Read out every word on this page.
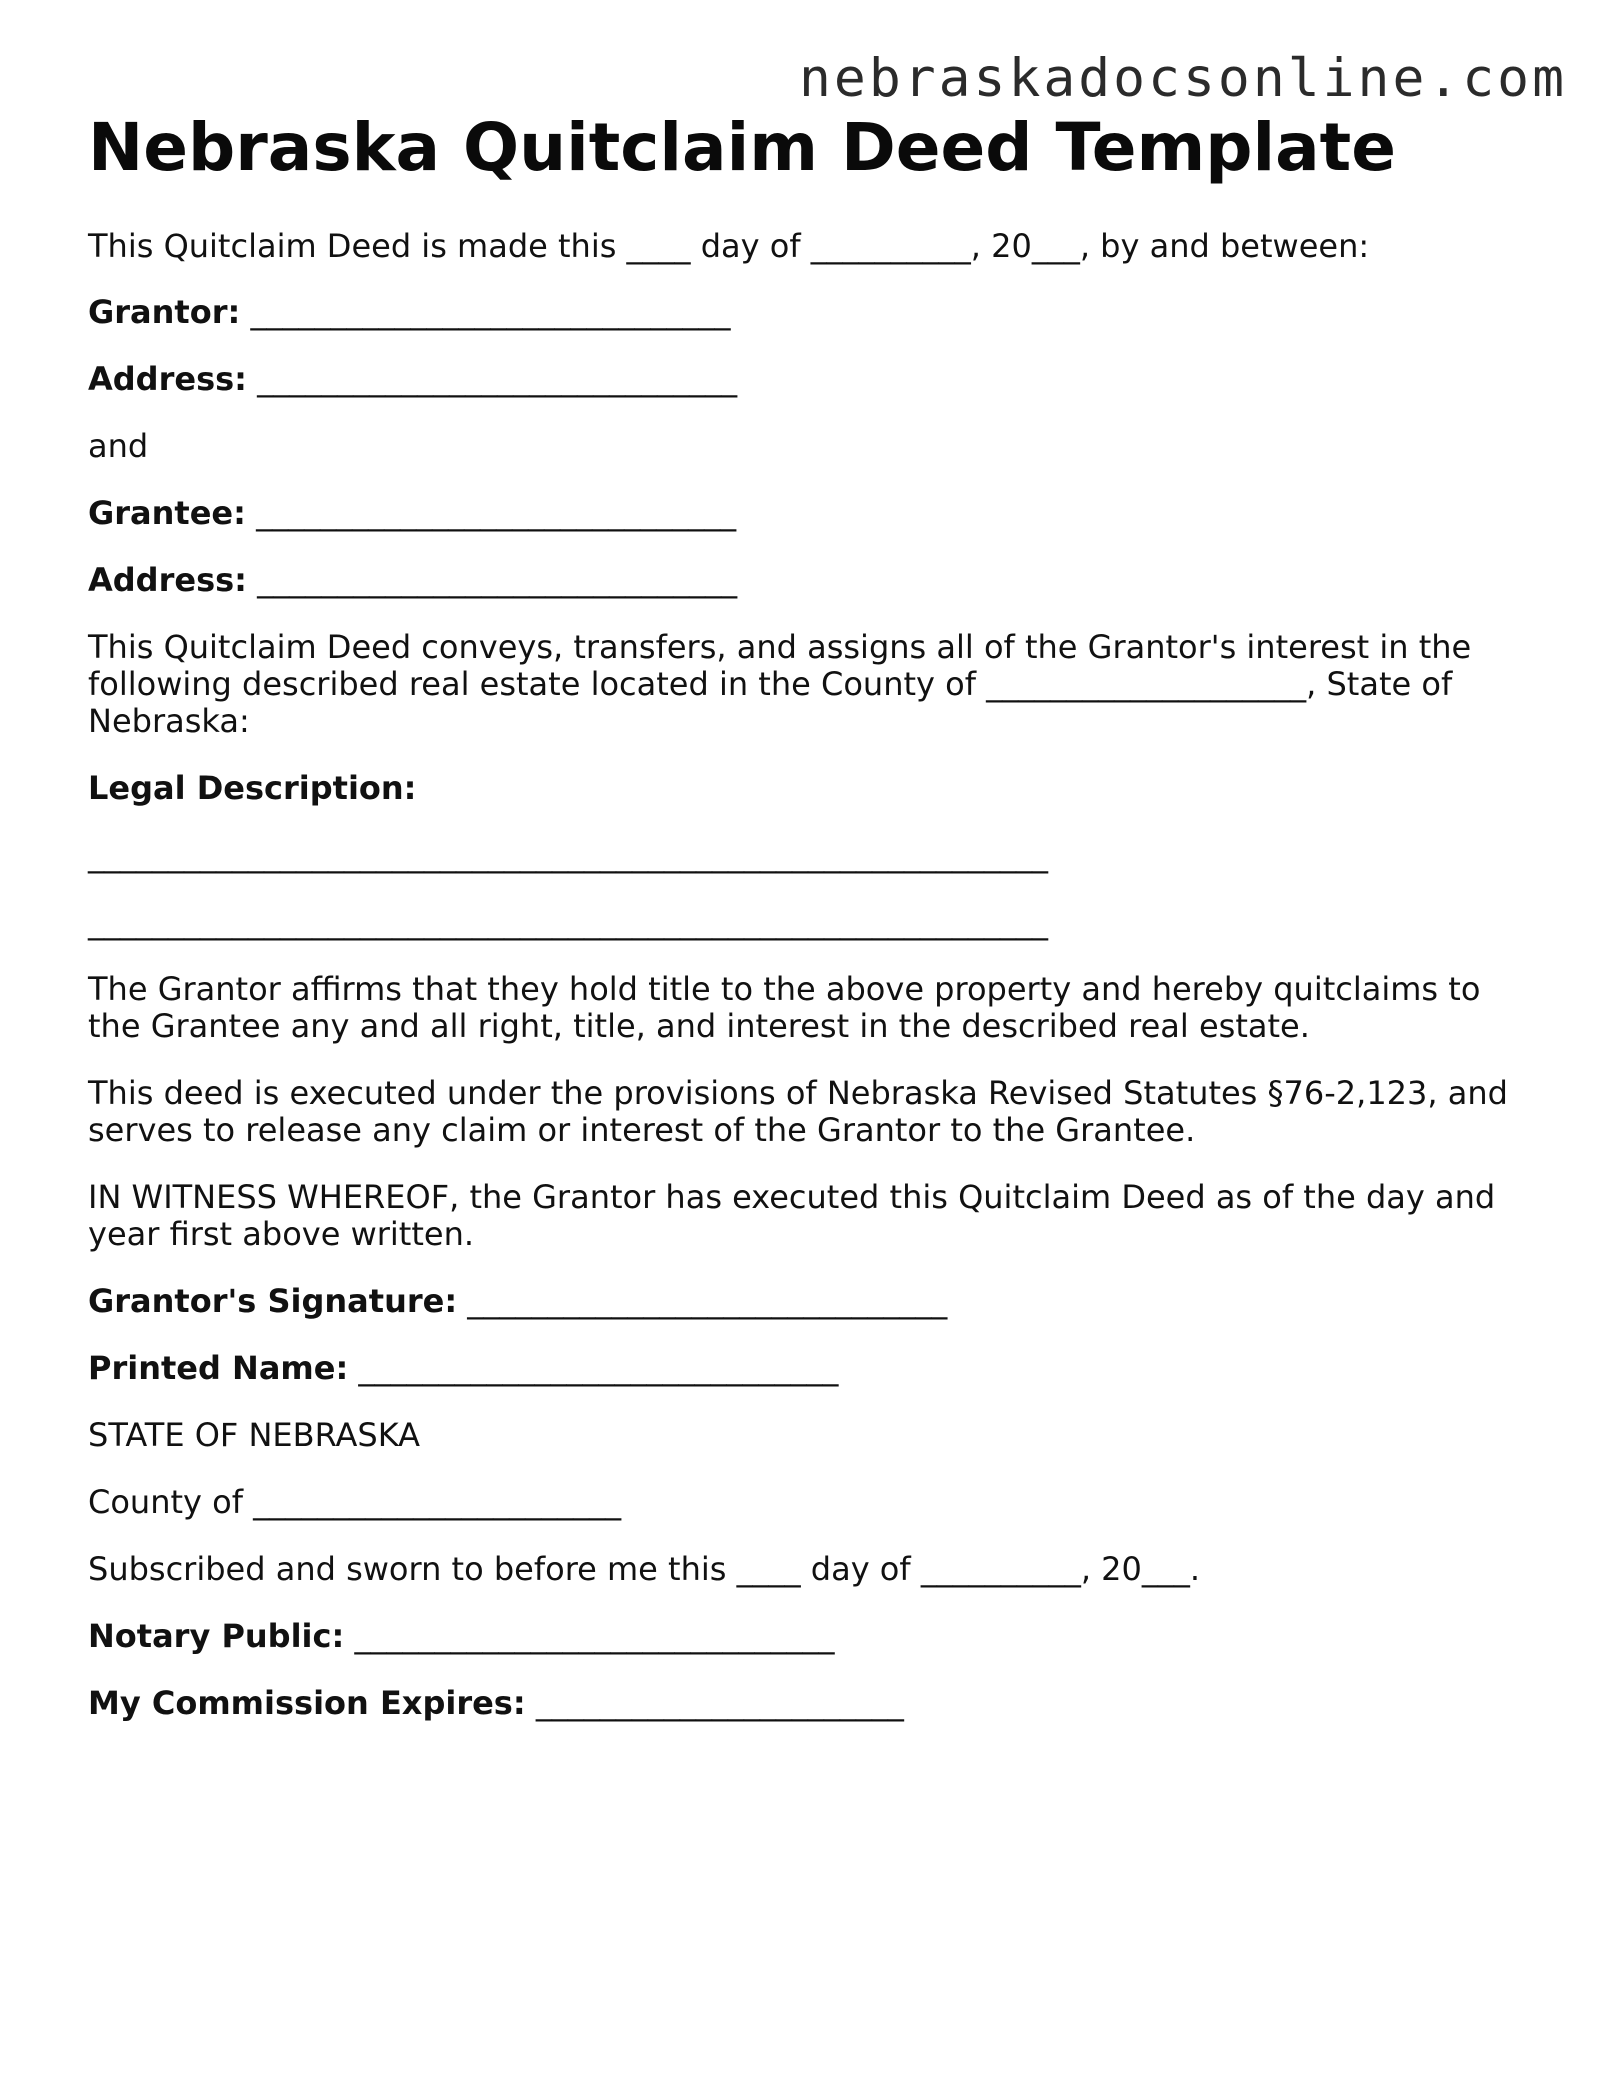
nebraskadocsonline.com
Nebraska Quitclaim Deed Template

This Quitclaim Deed is made this ____ day of __________, 20___, by and between:

Grantor: ______________________________

Address: ______________________________

and

Grantee: ______________________________

Address: ______________________________

This Quitclaim Deed conveys, transfers, and assigns all of the Grantor's interest in the following described real estate located in the County of ____________________, State of Nebraska:

Legal Description:

____________________________________________________________

____________________________________________________________

The Grantor affirms that they hold title to the above property and hereby quitclaims to the Grantee any and all right, title, and interest in the described real estate.

This deed is executed under the provisions of Nebraska Revised Statutes §76-2,123, and serves to release any claim or interest of the Grantor to the Grantee.

IN WITNESS WHEREOF, the Grantor has executed this Quitclaim Deed as of the day and year first above written.

Grantor's Signature: ______________________________

Printed Name: ______________________________

STATE OF NEBRASKA

County of _______________________

Subscribed and sworn to before me this ____ day of __________, 20___.

Notary Public: ______________________________

My Commission Expires: _______________________
